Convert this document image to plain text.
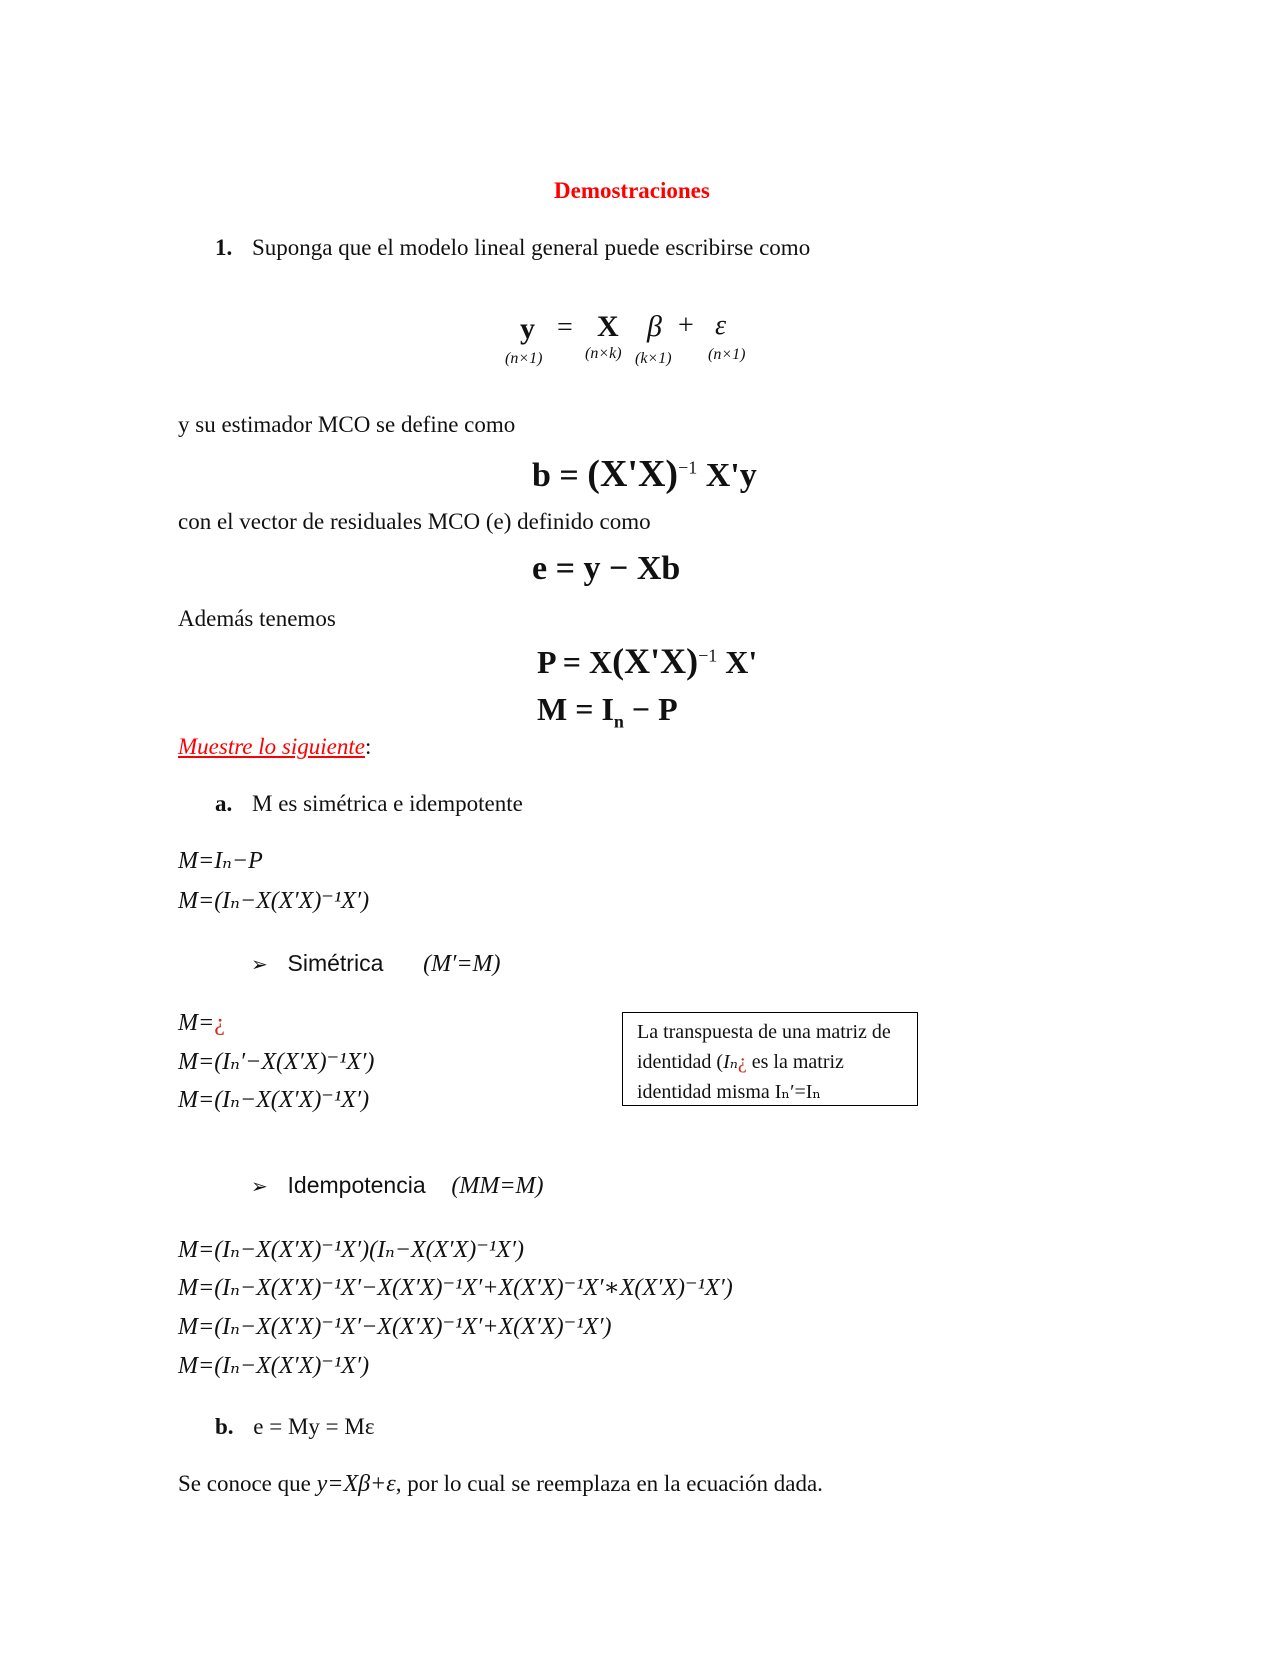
Demostraciones
1. Suponga que el modelo lineal general puede escribirse como
y = X β + ε
(n×1)	(n×k) (k×1) (n×1)
y su estimador MCO se define como
$b = (X'X)^{-1}$ X'y
con el vector de residuales MCO (e) definido como
e = y − Xb
Además tenemos
$P = X(X'X)^{-1}$ X'
$M = I_n - P$
Muestre lo siguiente:
a. M es simétrica e idempotente
M=Iₙ−P
M=(Iₙ−X(X′X)⁻¹X′)
➢ Simétrica (M′=M)
M=¿
M=(Iₙ′−X(X′X)⁻¹X′)
M=(Iₙ−X(X′X)⁻¹X′)
La transpuesta de una matriz de
identidad (Iₙ¿ es la matriz
identidad misma Iₙ′=Iₙ
➢ Idempotencia (MM=M)
M=(Iₙ−X(X′X)⁻¹X′)(Iₙ−X(X′X)⁻¹X′)
M=(Iₙ−X(X′X)⁻¹X′−X(X′X)⁻¹X′+X(X′X)⁻¹X′∗X(X′X)⁻¹X′)
M=(Iₙ−X(X′X)⁻¹X′−X(X′X)⁻¹X′+X(X′X)⁻¹X′)
M=(Iₙ−X(X′X)⁻¹X′)
b. e = My = Mε
Se conoce que y=Xβ+ε, por lo cual se reemplaza en la ecuación dada.
